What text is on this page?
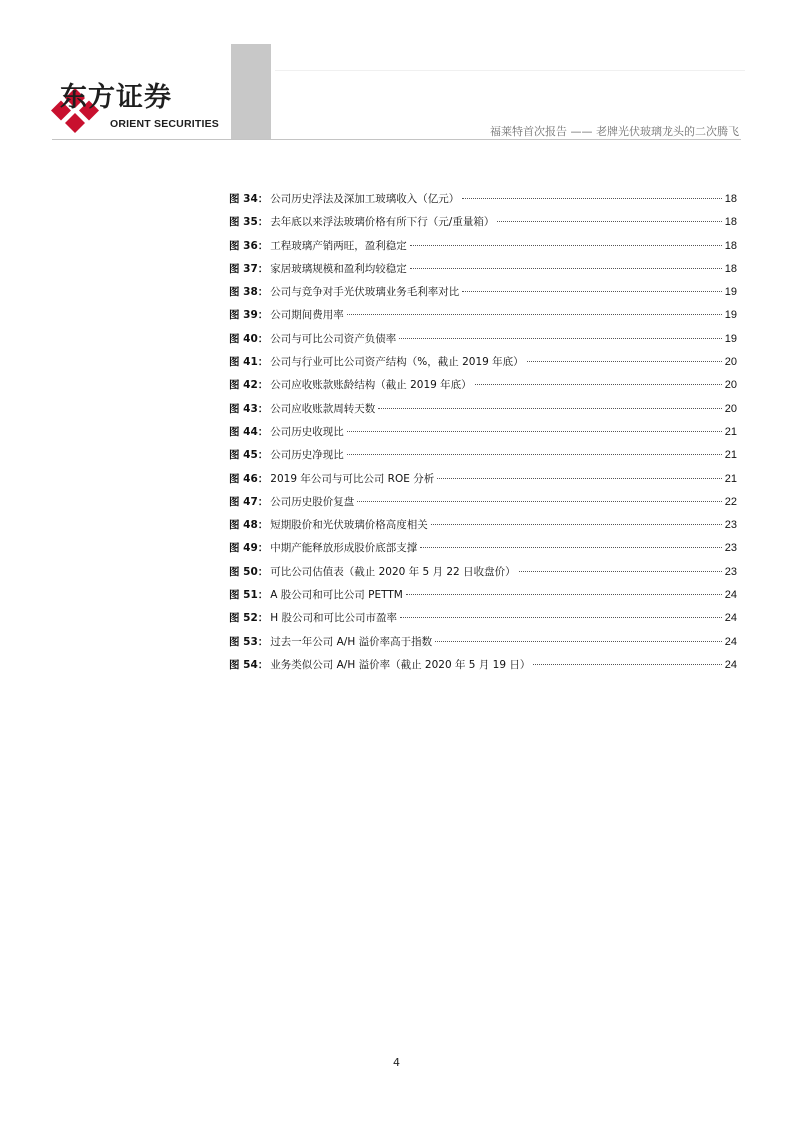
东方证券
ORIENT SECURITIES
福莱特首次报告 —— 老牌光伏玻璃龙头的二次腾飞
图 34： 公司历史浮法及深加工玻璃收入（亿元）	18
图 35： 去年底以来浮法玻璃价格有所下行（元/重量箱）	18
图 36： 工程玻璃产销两旺，盈利稳定	18
图 37： 家居玻璃规模和盈利均较稳定	18
图 38： 公司与竞争对手光伏玻璃业务毛利率对比	19
图 39： 公司期间费用率	19
图 40： 公司与可比公司资产负债率	19
图 41： 公司与行业可比公司资产结构（%，截止 2019 年底）	20
图 42： 公司应收账款账龄结构（截止 2019 年底）	20
图 43： 公司应收账款周转天数	20
图 44： 公司历史收现比	21
图 45： 公司历史净现比	21
图 46： 2019 年公司与可比公司 ROE 分析	21
图 47： 公司历史股价复盘	22
图 48： 短期股价和光伏玻璃价格高度相关	23
图 49： 中期产能释放形成股价底部支撑	23
图 50： 可比公司估值表（截止 2020 年 5 月 22 日收盘价）	23
图 51： A 股公司和可比公司 PETTM	24
图 52： H 股公司和可比公司市盈率	24
图 53： 过去一年公司 A/H 溢价率高于指数	24
图 54： 业务类似公司 A/H 溢价率（截止 2020 年 5 月 19 日）	24
4
